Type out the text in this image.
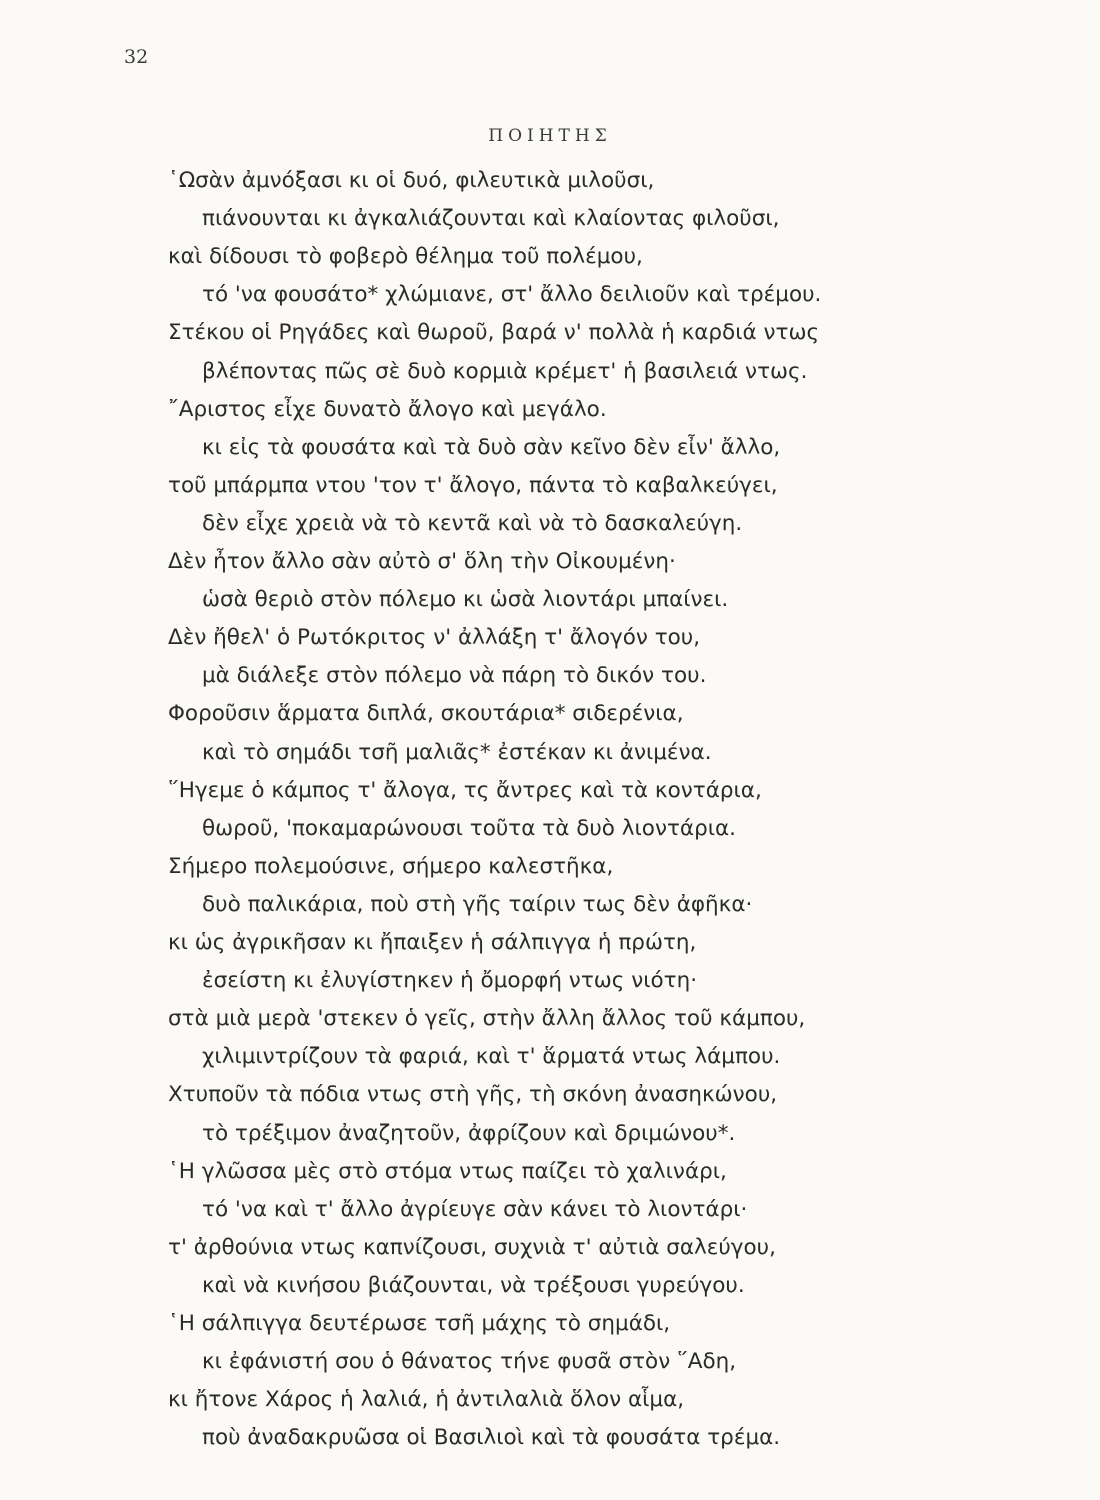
32
ΠΟΙΗΤΗΣ
῾Ωσὰν ἀμνόξασι κι οἱ δυό, φιλευτικὰ μιλοῦσι,
πιάνουνται κι ἀγκαλιάζουνται καὶ κλαίοντας φιλοῦσι,
καὶ δίδουσι τὸ φοβερὸ θέλημα τοῦ πολέμου,
τό 'να φουσάτο* χλώμιανε, στ' ἄλλο δειλιοῦν καὶ τρέμου.
Στέκου οἱ Ρηγάδες καὶ θωροῦ, βαρά ν' πολλὰ ἡ καρδιά ντως
βλέποντας πῶς σὲ δυὸ κορμιὰ κρέμετ' ἡ βασιλειά ντως.
῎Αριστος εἶχε δυνατὸ ἄλογο καὶ μεγάλο.
κι εἰς τὰ φουσάτα καὶ τὰ δυὸ σὰν κεῖνο δὲν εἶν' ἄλλο,
τοῦ μπάρμπα ντου 'τον τ' ἄλογο, πάντα τὸ καβαλκεύγει,
δὲν εἶχε χρειὰ νὰ τὸ κεντᾶ καὶ νὰ τὸ δασκαλεύγη.
Δὲν ἦτον ἄλλο σὰν αὐτὸ σ' ὅλη τὴν Οἰκουμένη·
ὡσὰ θεριὸ στὸν πόλεμο κι ὡσὰ λιοντάρι μπαίνει.
Δὲν ἤθελ' ὁ Ρωτόκριτος ν' ἀλλάξη τ' ἄλογόν του,
μὰ διάλεξε στὸν πόλεμο νὰ πάρη τὸ δικόν του.
Φοροῦσιν ἅρματα διπλά, σκουτάρια* σιδερένια,
καὶ τὸ σημάδι τσῆ μαλιᾶς* ἐστέκαν κι ἀνιμένα.
῞Ηγεμε ὁ κάμπος τ' ἄλογα, τς ἄντρες καὶ τὰ κοντάρια,
θωροῦ, 'πoκαμαρώνουσι τοῦτα τὰ δυὸ λιοντάρια.
Σήμερο πολεμούσινε, σήμερο καλεστῆκα,
δυὸ παλικάρια, ποὺ στὴ γῆς ταίριν τως δὲν ἀφῆκα·
κι ὡς ἀγρικῆσαν κι ἤπαιξεν ἡ σάλπιγγα ἡ πρώτη,
ἐσείστη κι ἐλυγίστηκεν ἡ ὄμορφή ντως νιότη·
στὰ μιὰ μερὰ 'στεκεν ὁ γεῖς, στὴν ἄλλη ἄλλος τοῦ κάμπου,
χιλιμιντρίζουν τὰ φαριά, καὶ τ' ἅρματά ντως λάμπου.
Χτυποῦν τὰ πόδια ντως στὴ γῆς, τὴ σκόνη ἀνασηκώνου,
τὸ τρέξιμον ἀναζητοῦν, ἀφρίζουν καὶ δριμώνου*.
῾Η γλῶσσα μὲς στὸ στόμα ντως παίζει τὸ χαλινάρι,
τό 'να καὶ τ' ἄλλο ἀγρίευγε σὰν κάνει τὸ λιοντάρι·
τ' ἀρθούνια ντως καπνίζουσι, συχνιὰ τ' αὐτιὰ σαλεύγου,
καὶ νὰ κινήσου βιάζουνται, νὰ τρέξουσι γυρεύγου.
῾Η σάλπιγγα δευτέρωσε τσῆ μάχης τὸ σημάδι,
κι ἐφάνιστή σου ὁ θάνατος τήνε φυσᾶ στὸν ῞Αδη,
κι ἤτονε Χάρος ἡ λαλιά, ἡ ἀντιλαλιὰ ὅλον αἷμα,
ποὺ ἀναδακρυῶσα οἱ Βασιλιοὶ καὶ τὰ φουσάτα τρέμα.
